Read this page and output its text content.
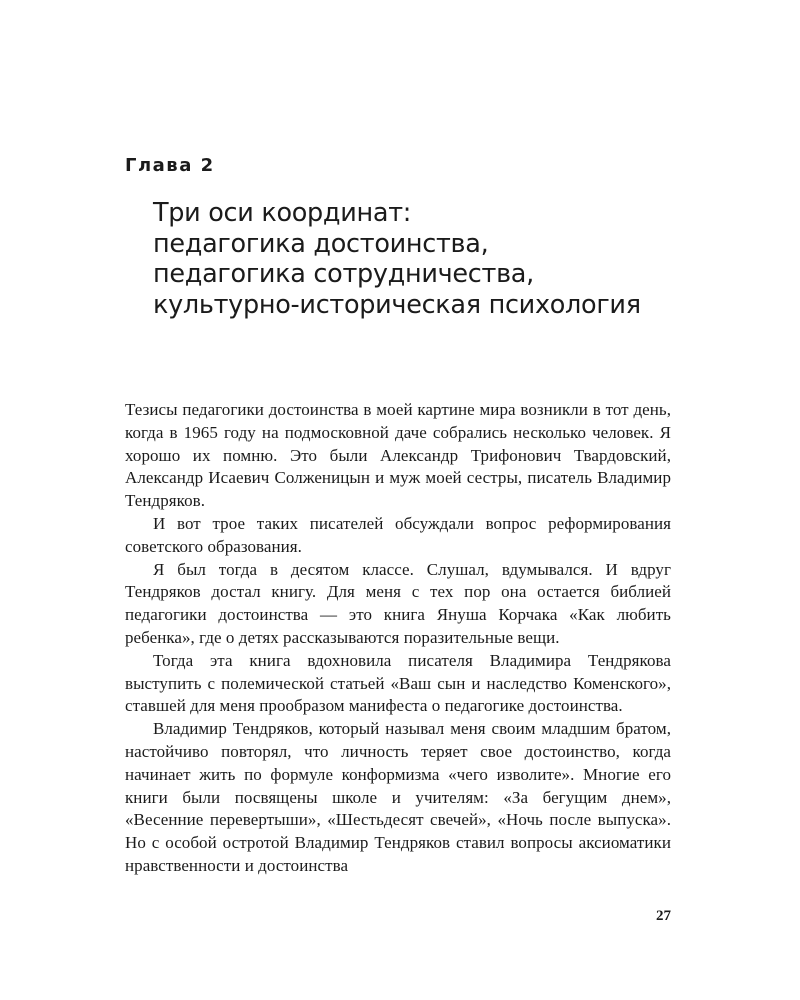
Глава 2
Три оси координат:
педагогика достоинства,
педагогика сотрудничества,
культурно-историческая психология

Тезисы педагогики достоинства в моей картине мира возникли в тот день, когда в 1965 году на подмосковной даче собрались несколько человек. Я хорошо их помню. Это были Александр Трифонович Твардовский, Александр Исаевич Солженицын и муж моей сестры, писатель Владимир Тендряков.

И вот трое таких писателей обсуждали вопрос реформирования советского образования.

Я был тогда в десятом классе. Слушал, вдумывался. И вдруг Тендряков достал книгу. Для меня с тех пор она остается библией педагогики достоинства — это книга Януша Корчака «Как любить ребенка», где о детях рассказываются поразительные вещи.

Тогда эта книга вдохновила писателя Владимира Тендрякова выступить с полемической статьей «Ваш сын и наследство Коменского», ставшей для меня прообразом манифеста о педагогике достоинства.

Владимир Тендряков, который называл меня своим младшим братом, настойчиво повторял, что личность теряет свое достоинство, когда начинает жить по формуле конформизма «чего изволите». Многие его книги были посвящены школе и учителям: «За бегущим днем», «Весенние перевертыши», «Шестьдесят свечей», «Ночь после выпуска». Но с особой остротой Владимир Тендряков ставил вопросы аксиоматики нравственности и достоинства

27
